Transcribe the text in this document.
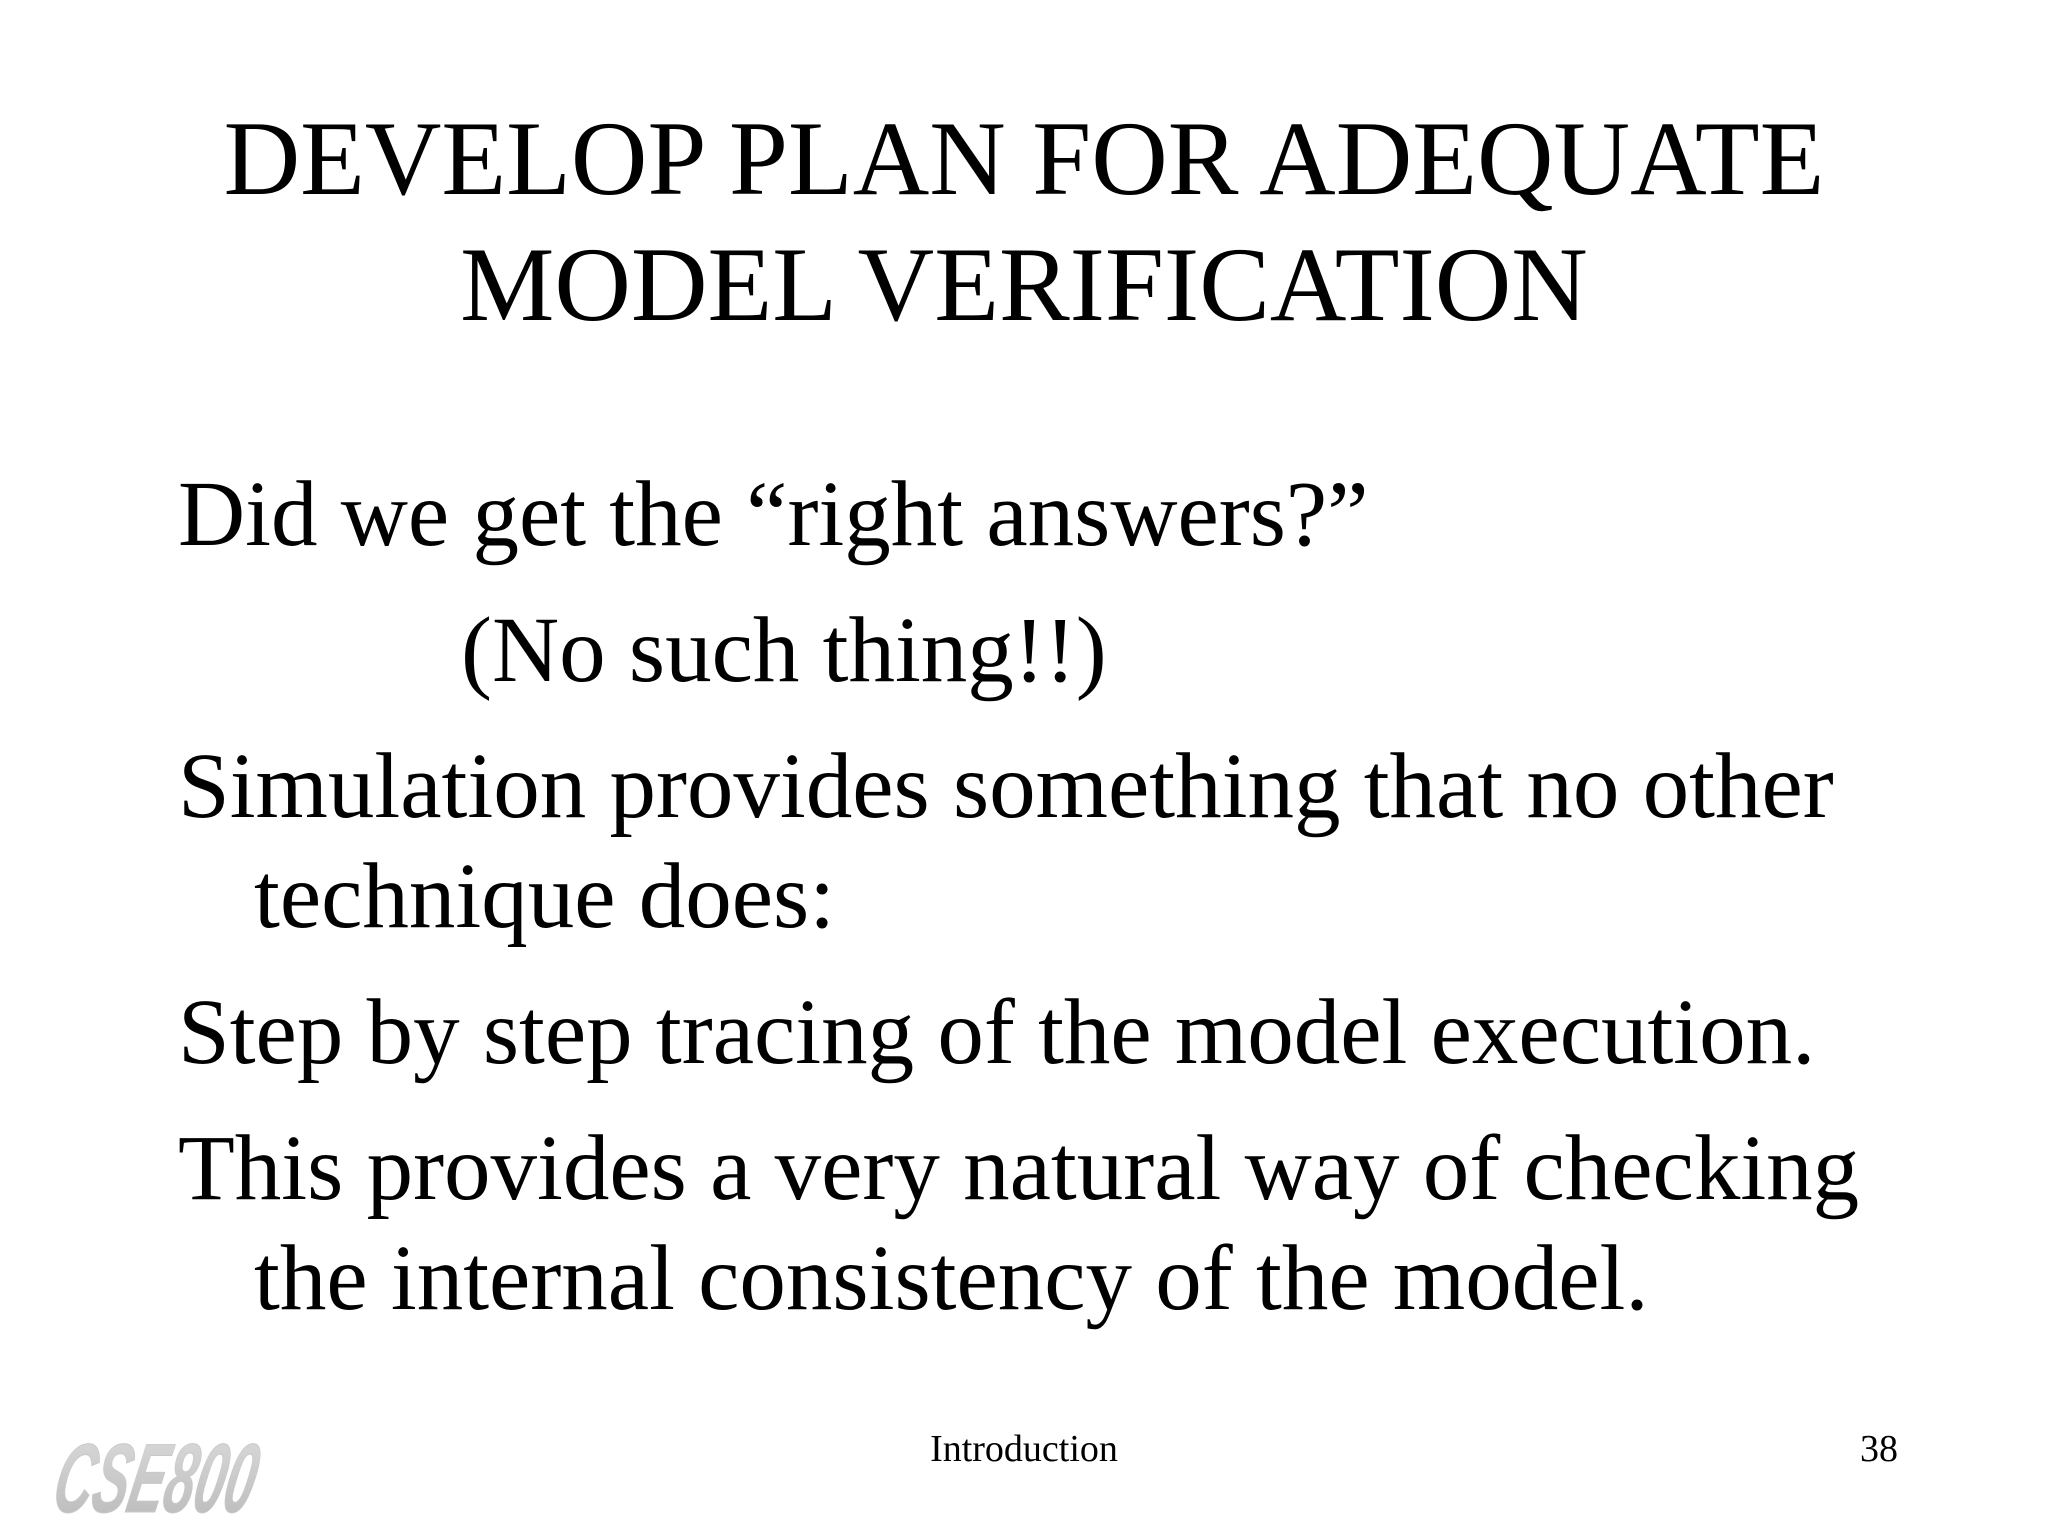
DEVELOP PLAN FOR ADEQUATE
MODEL VERIFICATION

Did we get the “right answers?”

(No such thing!!)

Simulation provides something that no other technique does:

Step by step tracing of the model execution.

This provides a very natural way of checking the internal consistency of the model.

CSE800	Introduction	38
